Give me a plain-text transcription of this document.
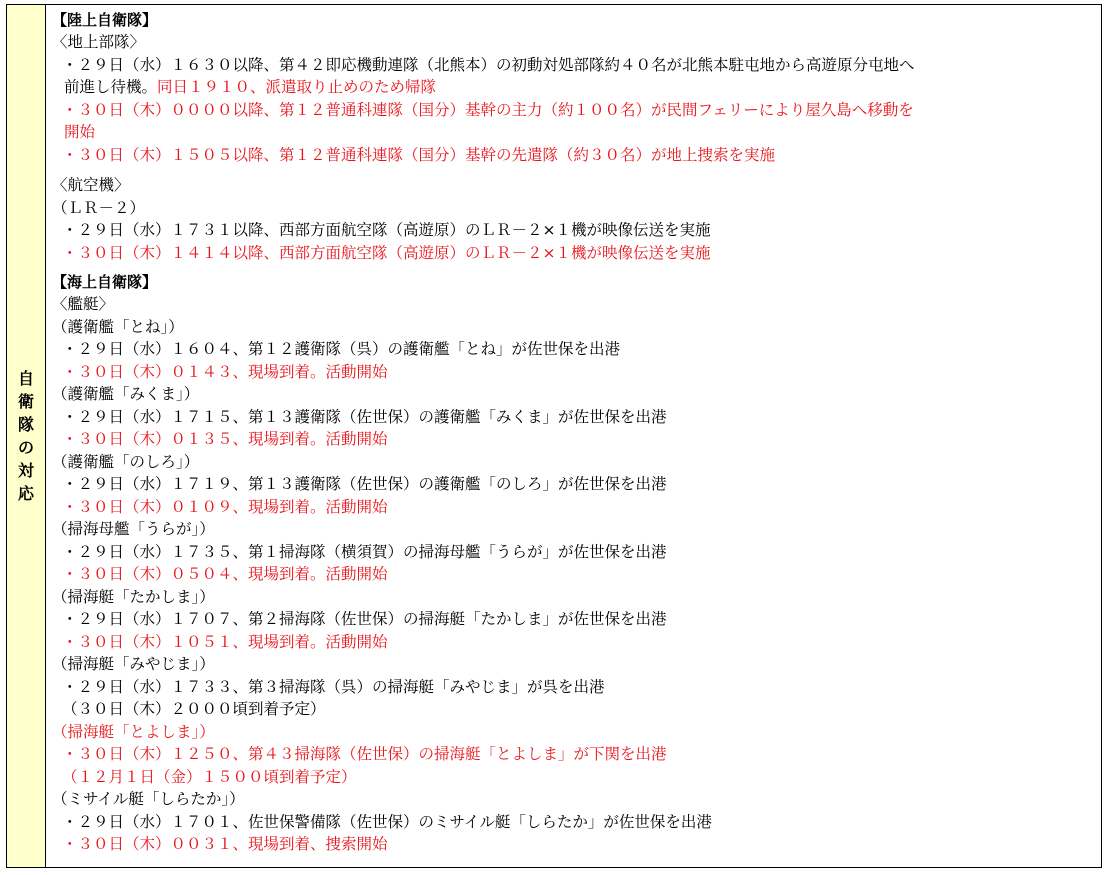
自
衛
隊
の
対
応
【陸上自衛隊】
〈地上部隊〉
・２９日（水）１６３０以降、第４２即応機動連隊（北熊本）の初動対処部隊約４０名が北熊本駐屯地から高遊原分屯地へ
前進し待機。同日１９１０、派遣取り止めのため帰隊
・３０日（木）００００以降、第１２普通科連隊（国分）基幹の主力（約１００名）が民間フェリーにより屋久島へ移動を
開始
・３０日（木）１５０５以降、第１２普通科連隊（国分）基幹の先遣隊（約３０名）が地上捜索を実施
〈航空機〉
（ＬＲ－２）
・２９日（水）１７３１以降、西部方面航空隊（高遊原）のＬＲ－２×１機が映像伝送を実施
・３０日（木）１４１４以降、西部方面航空隊（高遊原）のＬＲ－２×１機が映像伝送を実施
【海上自衛隊】
〈艦艇〉
（護衛艦「とね」）
・２９日（水）１６０４、第１２護衛隊（呉）の護衛艦「とね」が佐世保を出港
・３０日（木）０１４３、現場到着。活動開始
（護衛艦「みくま」）
・２９日（水）１７１５、第１３護衛隊（佐世保）の護衛艦「みくま」が佐世保を出港
・３０日（木）０１３５、現場到着。活動開始
（護衛艦「のしろ」）
・２９日（水）１７１９、第１３護衛隊（佐世保）の護衛艦「のしろ」が佐世保を出港
・３０日（木）０１０９、現場到着。活動開始
（掃海母艦「うらが」）
・２９日（水）１７３５、第１掃海隊（横須賀）の掃海母艦「うらが」が佐世保を出港
・３０日（木）０５０４、現場到着。活動開始
（掃海艇「たかしま」）
・２９日（水）１７０７、第２掃海隊（佐世保）の掃海艇「たかしま」が佐世保を出港
・３０日（木）１０５１、現場到着。活動開始
（掃海艇「みやじま」）
・２９日（水）１７３３、第３掃海隊（呉）の掃海艇「みやじま」が呉を出港
（３０日（木）２０００頃到着予定）
（掃海艇「とよしま」）
・３０日（木）１２５０、第４３掃海隊（佐世保）の掃海艇「とよしま」が下関を出港
（１２月１日（金）１５００頃到着予定）
（ミサイル艇「しらたか」）
・２９日（水）１７０１、佐世保警備隊（佐世保）のミサイル艇「しらたか」が佐世保を出港
・３０日（木）００３１、現場到着、捜索開始
